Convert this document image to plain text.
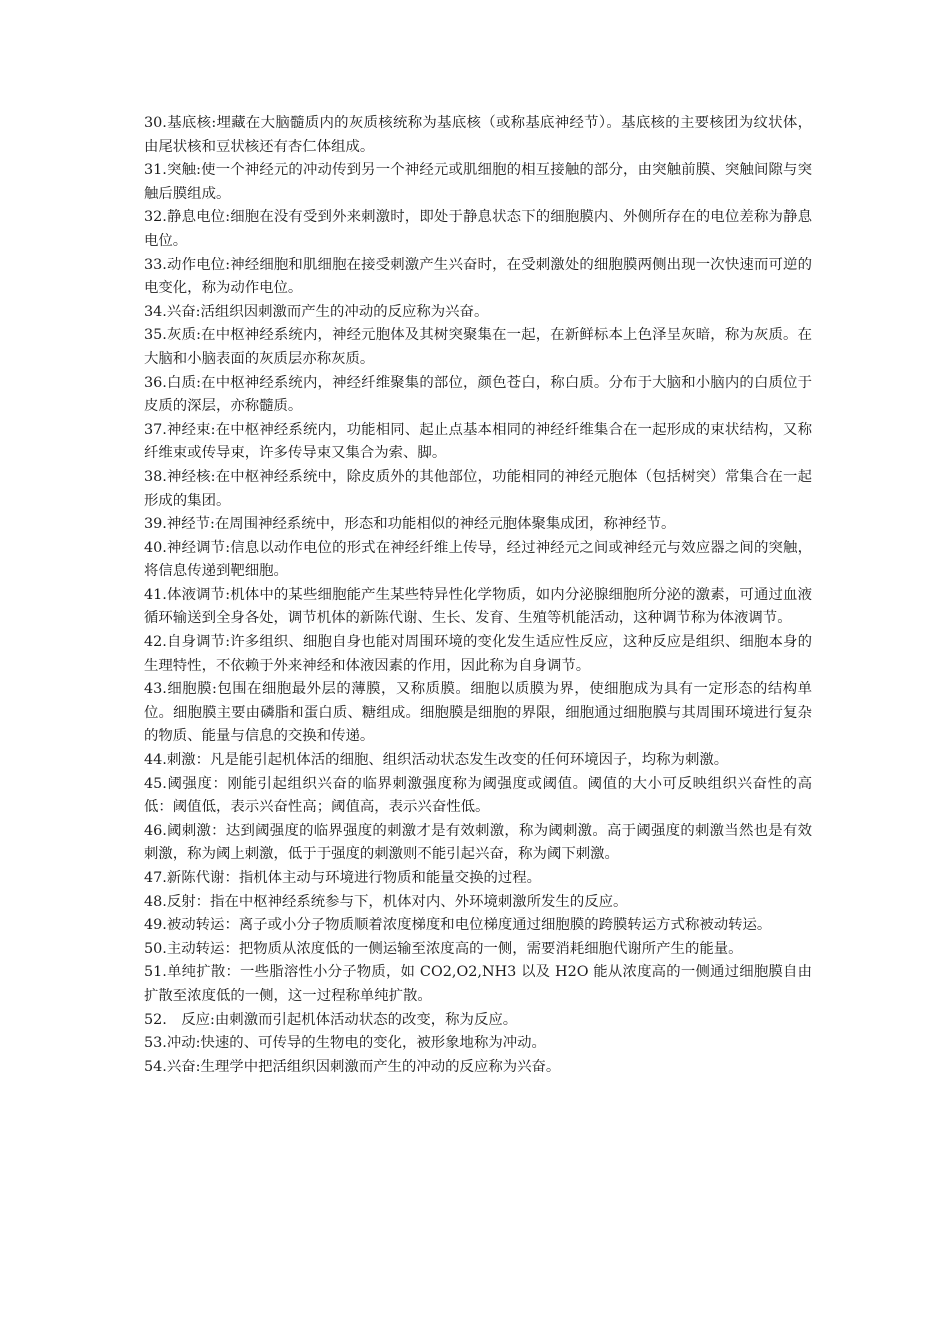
30.基底核:埋藏在大脑髓质内的灰质核统称为基底核（或称基底神经节）。基底核的主要核团为纹状体，由尾状核和豆状核还有杏仁体组成。

31.突触:使一个神经元的冲动传到另一个神经元或肌细胞的相互接触的部分，由突触前膜、突触间隙与突触后膜组成。

32.静息电位:细胞在没有受到外来刺激时，即处于静息状态下的细胞膜内、外侧所存在的电位差称为静息电位。

33.动作电位:神经细胞和肌细胞在接受刺激产生兴奋时，在受刺激处的细胞膜两侧出现一次快速而可逆的电变化，称为动作电位。

34.兴奋:活组织因刺激而产生的冲动的反应称为兴奋。

35.灰质:在中枢神经系统内，神经元胞体及其树突聚集在一起，在新鲜标本上色泽呈灰暗，称为灰质。在大脑和小脑表面的灰质层亦称灰质。

36.白质:在中枢神经系统内，神经纤维聚集的部位，颜色苍白，称白质。分布于大脑和小脑内的白质位于皮质的深层，亦称髓质。

37.神经束:在中枢神经系统内，功能相同、起止点基本相同的神经纤维集合在一起形成的束状结构，又称纤维束或传导束，许多传导束又集合为索、脚。

38.神经核:在中枢神经系统中，除皮质外的其他部位，功能相同的神经元胞体（包括树突）常集合在一起形成的集团。

39.神经节:在周围神经系统中，形态和功能相似的神经元胞体聚集成团，称神经节。

40.神经调节:信息以动作电位的形式在神经纤维上传导，经过神经元之间或神经元与效应器之间的突触，将信息传递到靶细胞。

41.体液调节:机体中的某些细胞能产生某些特异性化学物质，如内分泌腺细胞所分泌的激素，可通过血液循环输送到全身各处，调节机体的新陈代谢、生长、发育、生殖等机能活动，这种调节称为体液调节。

42.自身调节:许多组织、细胞自身也能对周围环境的变化发生适应性反应，这种反应是组织、细胞本身的生理特性，不依赖于外来神经和体液因素的作用，因此称为自身调节。

43.细胞膜:包围在细胞最外层的薄膜，又称质膜。细胞以质膜为界，使细胞成为具有一定形态的结构单位。细胞膜主要由磷脂和蛋白质、糖组成。细胞膜是细胞的界限，细胞通过细胞膜与其周围环境进行复杂的物质、能量与信息的交换和传递。

44.刺激：凡是能引起机体活的细胞、组织活动状态发生改变的任何环境因子，均称为刺激。

45.阈强度：刚能引起组织兴奋的临界刺激强度称为阈强度或阈值。阈值的大小可反映组织兴奋性的高低：阈值低，表示兴奋性高；阈值高，表示兴奋性低。

46.阈刺激：达到阈强度的临界强度的刺激才是有效刺激，称为阈刺激。高于阈强度的刺激当然也是有效刺激，称为阈上刺激，低于于强度的刺激则不能引起兴奋，称为阈下刺激。

47.新陈代谢：指机体主动与环境进行物质和能量交换的过程。

48.反射：指在中枢神经系统参与下，机体对内、外环境刺激所发生的反应。

49.被动转运：离子或小分子物质顺着浓度梯度和电位梯度通过细胞膜的跨膜转运方式称被动转运。

50.主动转运：把物质从浓度低的一侧运输至浓度高的一侧，需要消耗细胞代谢所产生的能量。

51.单纯扩散：一些脂溶性小分子物质，如 CO2,O2,NH3 以及 H2O 能从浓度高的一侧通过细胞膜自由扩散至浓度低的一侧，这一过程称单纯扩散。

52.　反应:由刺激而引起机体活动状态的改变，称为反应。

53.冲动:快速的、可传导的生物电的变化，被形象地称为冲动。

54.兴奋:生理学中把活组织因刺激而产生的冲动的反应称为兴奋。
